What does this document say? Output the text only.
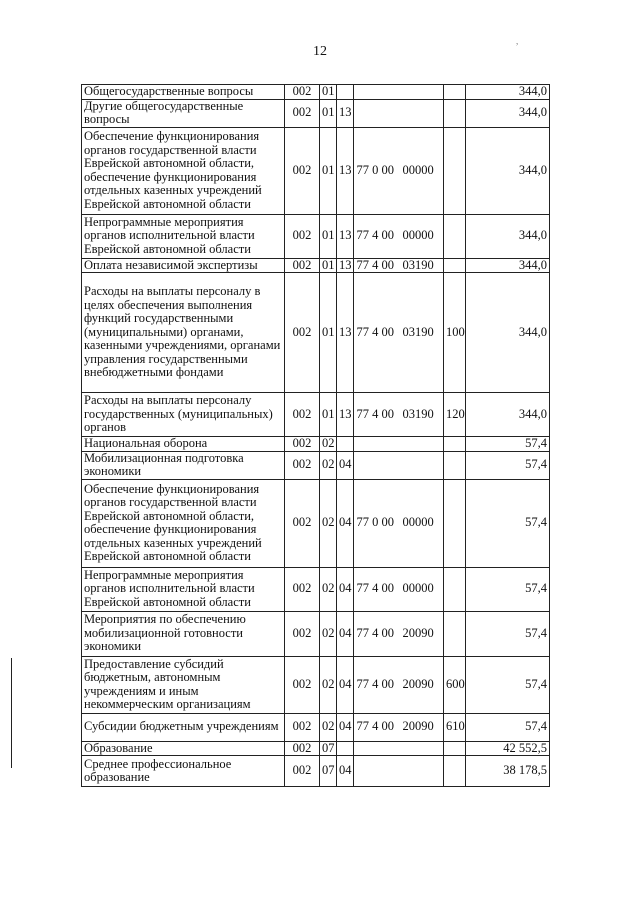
12
,
Общегосударственные вопросы	002	01				344,0
Другие общегосударственные вопросы	002	01	13			344,0
Обеспечение функционирования органов государственной власти Еврейской автономной области, обеспечение функционирования отдельных казенных учреждений Еврейской автономной области	002	01	13	77 0 00 00000		344,0
Непрограммные мероприятия органов исполнительной власти Еврейской автономной области	002	01	13	77 4 00 00000		344,0
Оплата независимой экспертизы	002	01	13	77 4 00 03190		344,0
Расходы на выплаты персоналу в целях обеспечения выполнения функций государственными (муниципальными) органами, казенными учреждениями, органами управления государственными внебюджетными фондами	002	01	13	77 4 00 03190	100	344,0
Расходы на выплаты персоналу государственных (муниципальных) органов	002	01	13	77 4 00 03190	120	344,0
Национальная оборона	002	02				57,4
Мобилизационная подготовка экономики	002	02	04			57,4
Обеспечение функционирования органов государственной власти Еврейской автономной области, обеспечение функционирования отдельных казенных учреждений Еврейской автономной области	002	02	04	77 0 00 00000		57,4
Непрограммные мероприятия органов исполнительной власти Еврейской автономной области	002	02	04	77 4 00 00000		57,4
Мероприятия по обеспечению мобилизационной готовности экономики	002	02	04	77 4 00 20090		57,4
Предоставление субсидий бюджетным, автономным учреждениям и иным некоммерческим организациям	002	02	04	77 4 00 20090	600	57,4
Субсидии бюджетным учреждениям	002	02	04	77 4 00 20090	610	57,4
Образование	002	07				42 552,5
Среднее профессиональное образование	002	07	04			38 178,5
